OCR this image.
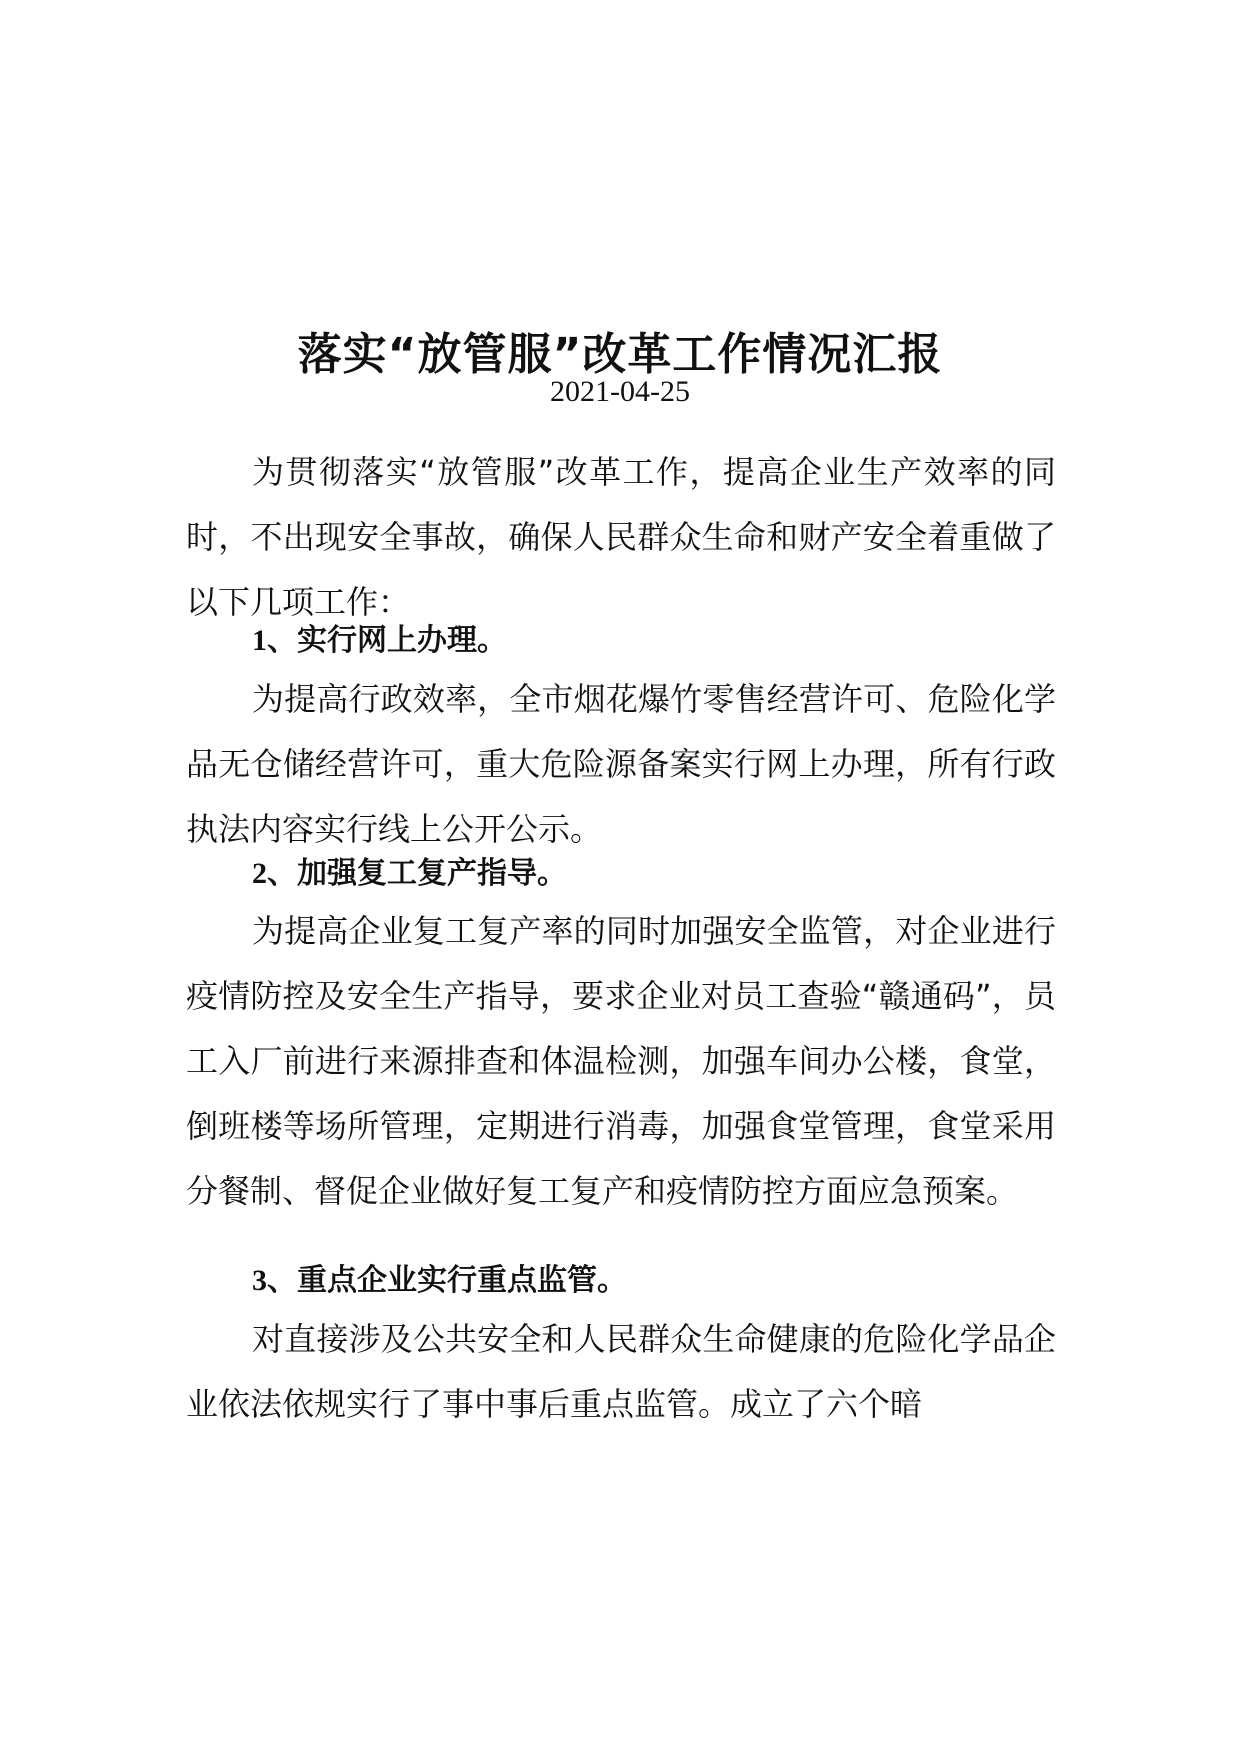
落实“放管服”改革工作情况汇报
2021-04-25

为贯彻落实“放管服”改革工作，提高企业生产效率的同时，不出现安全事故，确保人民群众生命和财产安全着重做了以下几项工作：

1、实行网上办理。

为提高行政效率，全市烟花爆竹零售经营许可、危险化学品无仓储经营许可，重大危险源备案实行网上办理，所有行政执法内容实行线上公开公示。

2、加强复工复产指导。

为提高企业复工复产率的同时加强安全监管，对企业进行疫情防控及安全生产指导，要求企业对员工查验“赣通码”，员工入厂前进行来源排查和体温检测，加强车间办公楼，食堂，倒班楼等场所管理，定期进行消毒，加强食堂管理，食堂采用分餐制、督促企业做好复工复产和疫情防控方面应急预案。

3、重点企业实行重点监管。

对直接涉及公共安全和人民群众生命健康的危险化学品企业依法依规实行了事中事后重点监管。成立了六个暗
